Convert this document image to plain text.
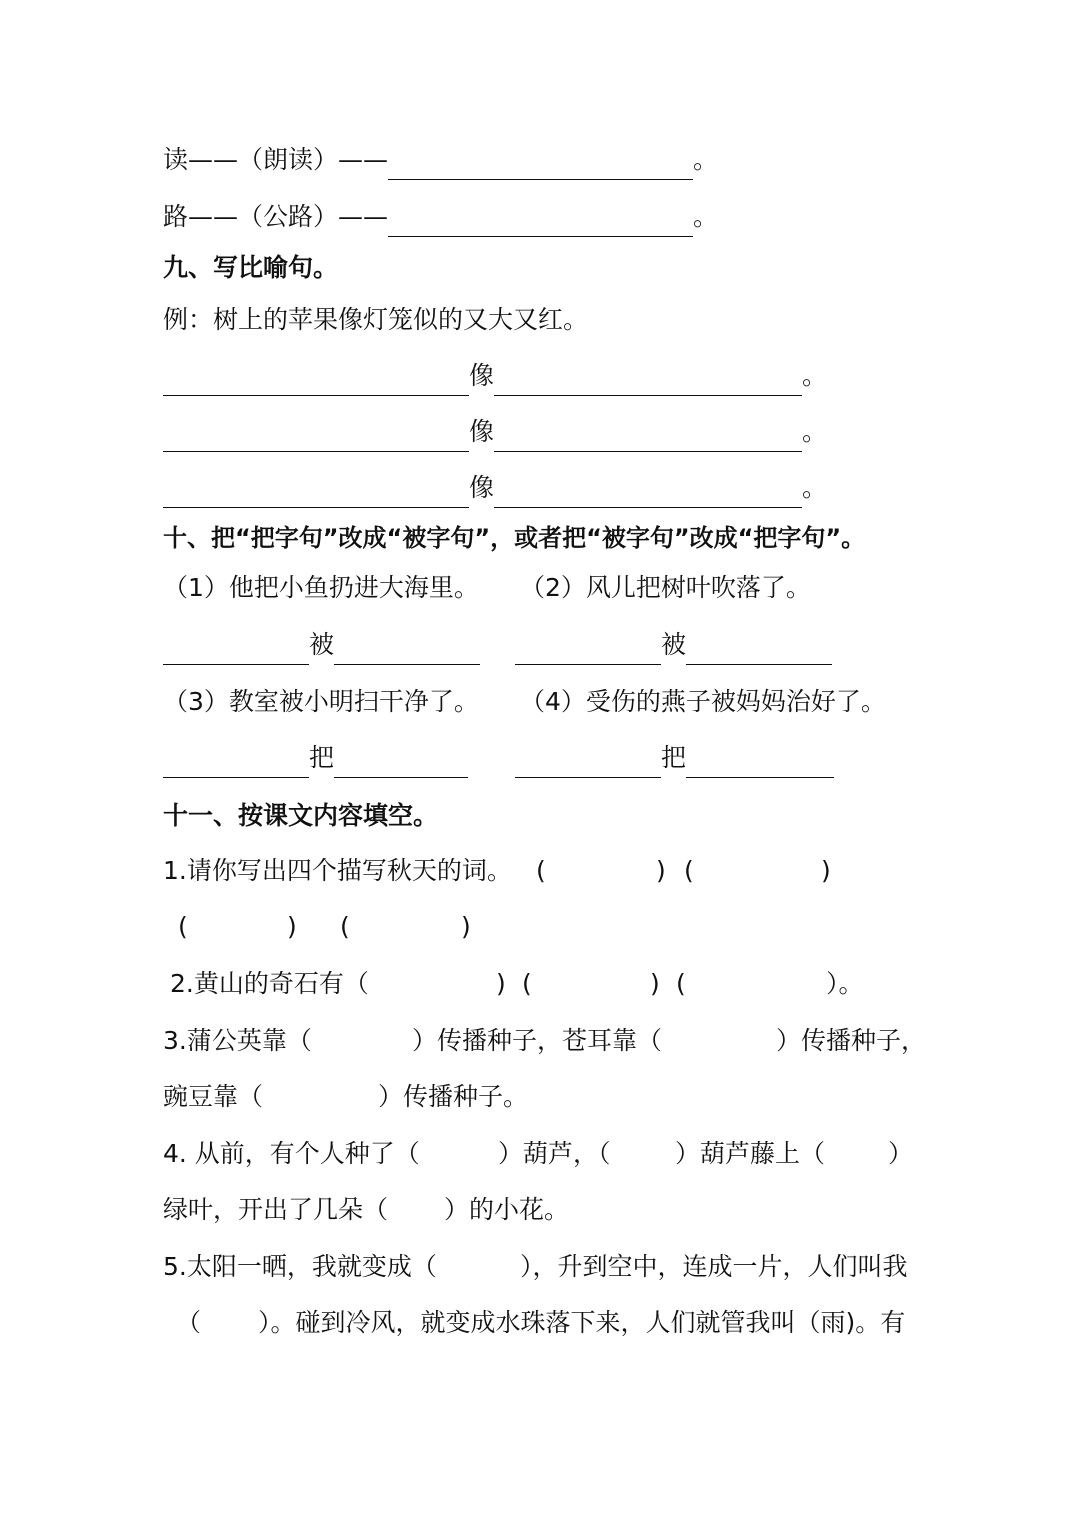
读——（朗读）——	。
路——（公路）——	。
九、写比喻句。
例：树上的苹果像灯笼似的又大又红。
像	。
像	。
像	。
十、把“把字句”改成“被字句”，或者把“被字句”改成“把字句”。
（1）他把小鱼扔进大海里。 （2）风儿把树叶吹落了。
被	被
（3）教室被小明扫干净了。 （4）受伤的燕子被妈妈治好了。
把	把
十一、按课文内容填空。
1.请你写出四个描写秋天的词。 (	) (	)
(	) (	)
2.黄山的奇石有（	) (	) (	）。
3.蒲公英靠（	）传播种子，苍耳靠（	）传播种子，
豌豆靠（	）传播种子。
4. 从前，有个人种了（	）葫芦，（	）葫芦藤上（	）
绿叶，开出了几朵（ ）的小花。
5.太阳一晒，我就变成（	），升到空中，连成一片，人们叫我
（ ）。碰到冷风，就变成水珠落下来，人们就管我叫（雨)。有
